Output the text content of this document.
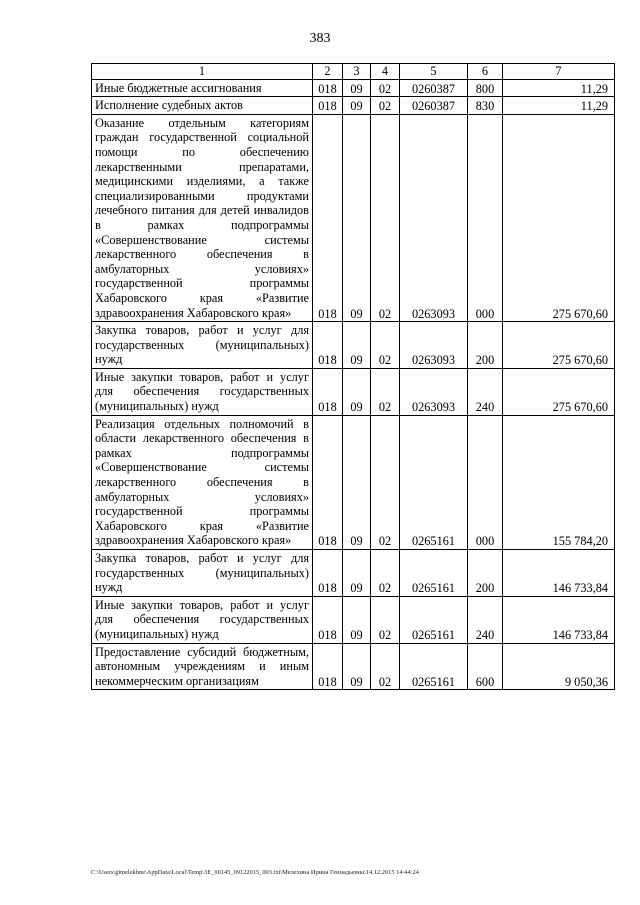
383
1	2	3	4	5	6	7
Иные бюджетные ассигнования	018	09	02	0260387	800	11,29
Исполнение судебных актов	018	09	02	0260387	830	11,29
Оказание отдельным категориям граждан государственной социальной помощи по обеспечению лекарственными препаратами, медицинскими изделиями, а также специализированными продуктами лечебного питания для детей инвалидов в рамках подпрограммы «Совершенствование системы лекарственного обеспечения в амбулаторных условиях» государственной программы Хабаровского края «Развитие здравоохранения Хабаровского края»	018	09	02	0263093	000	275 670,60
Закупка товаров, работ и услуг для государственных (муниципальных) нужд	018	09	02	0263093	200	275 670,60
Иные закупки товаров, работ и услуг для обеспечения государственных (муниципальных) нужд	018	09	02	0263093	240	275 670,60
Реализация отдельных полномочий в области лекарственного обеспечения в рамках подпрограммы «Совершенствование системы лекарственного обеспечения в амбулаторных условиях» государственной программы Хабаровского края «Развитие здравоохранения Хабаровского края»	018	09	02	0265161	000	155 784,20
Закупка товаров, работ и услуг для государственных (муниципальных) нужд	018	09	02	0265161	200	146 733,84
Иные закупки товаров, работ и услуг для обеспечения государственных (муниципальных) нужд	018	09	02	0265161	240	146 733,84
Предоставление субсидий бюджетным, автономным учреждениям и иным некоммерческим организациям	018	09	02	0265161	600	9 050,36
C:\Users\gimelekhne\AppData\Local\Temp\3E_00145_09122015_003.txt\Мелехина Ирина Геннадьевна\14.12.2015 14:44:24
